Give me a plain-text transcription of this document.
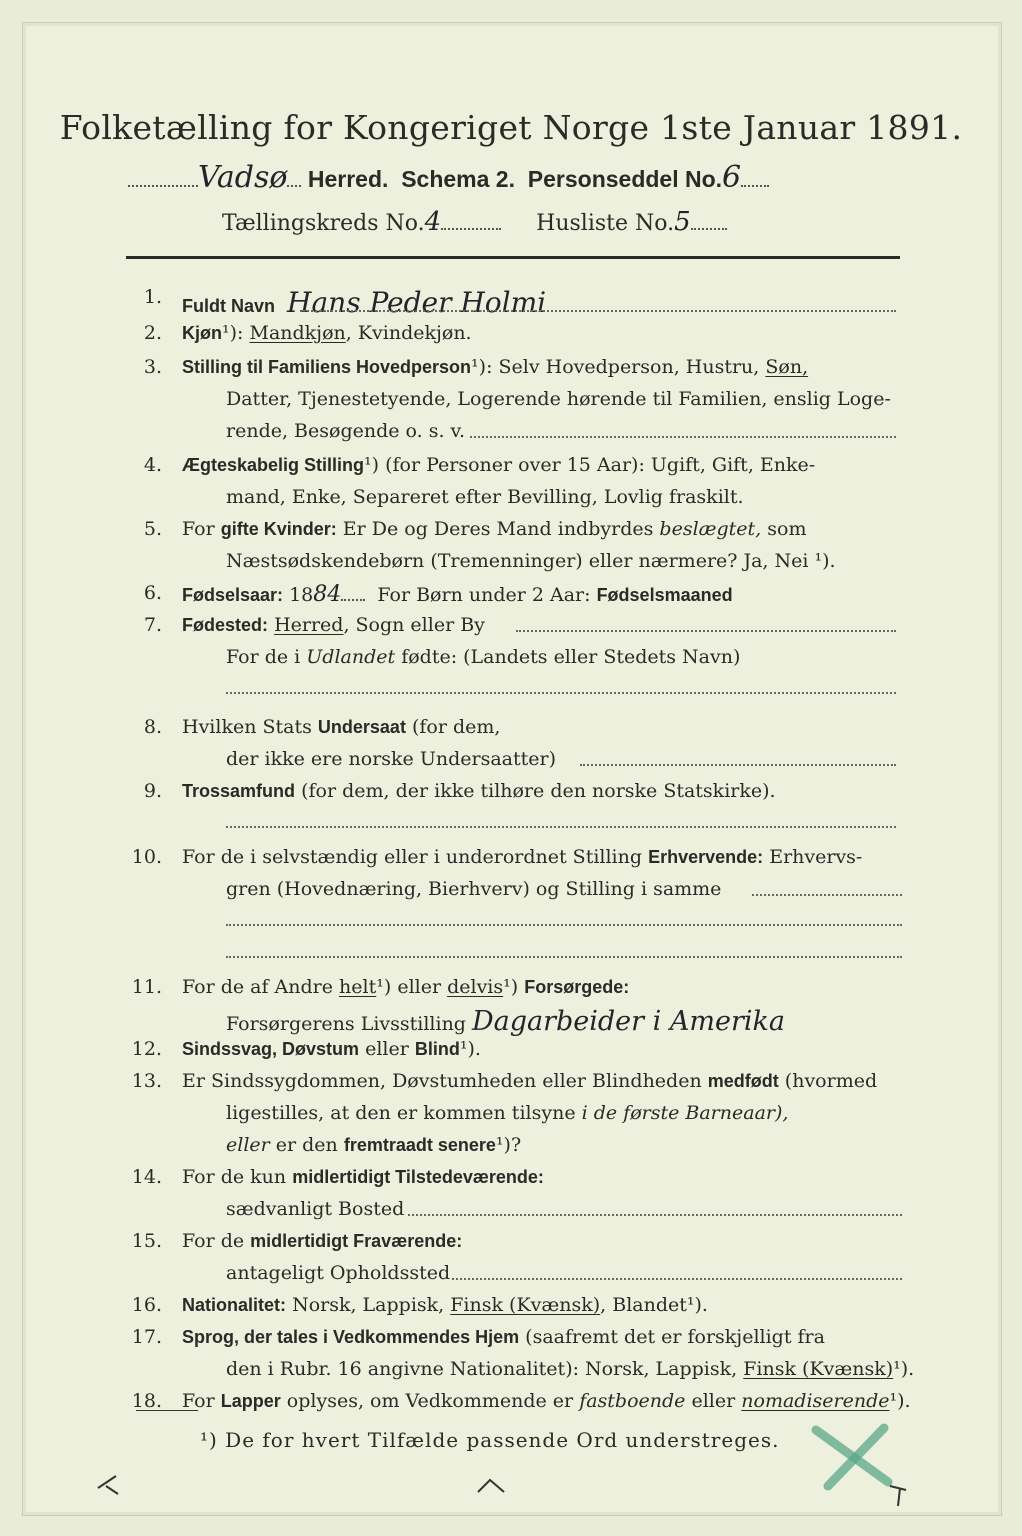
Folketælling for Kongeriget Norge 1ste Januar 1891.
Vadsø Herred. Schema 2. Personseddel No.6
Tællingskreds No.4	Husliste No.5
1. Fuldt Navn Hans Peder Holmi
2. Kjøn¹): Mandkjøn, Kvindekjøn.
3. Stilling til Familiens Hovedperson¹): Selv Hovedperson, Hustru, Søn,
Datter, Tjenestetyende, Logerende hørende til Familien, enslig Loge-
rende, Besøgende o. s. v.
4. Ægteskabelig Stilling¹) (for Personer over 15 Aar): Ugift, Gift, Enke-
mand, Enke, Separeret efter Bevilling, Lovlig fraskilt.
5. For gifte Kvinder: Er De og Deres Mand indbyrdes beslægtet, som
Næstsødskendebørn (Tremenninger) eller nærmere? Ja, Nei ¹).
6. Fødselsaar: 1884 For Børn under 2 Aar: Fødselsmaaned
7. Fødested: Herred, Sogn eller By
For de i Udlandet fødte: (Landets eller Stedets Navn)
8. Hvilken Stats Undersaat (for dem,
der ikke ere norske Undersaatter)
9. Trossamfund (for dem, der ikke tilhøre den norske Statskirke).
10. For de i selvstændig eller i underordnet Stilling Erhvervende: Erhvervs-
gren (Hovednæring, Bierhverv) og Stilling i samme
11. For de af Andre helt¹) eller delvis¹) Forsørgede:
Forsørgerens Livsstilling Dagarbeider i Amerika
12. Sindssvag, Døvstum eller Blind¹).
13. Er Sindssygdommen, Døvstumheden eller Blindheden medfødt (hvormed
ligestilles, at den er kommen tilsyne i de første Barneaar),
eller er den fremtraadt senere¹)?
14. For de kun midlertidigt Tilstedeværende:
sædvanligt Bosted
15. For de midlertidigt Fraværende:
antageligt Opholdssted
16. Nationalitet: Norsk, Lappisk, Finsk (Kvænsk), Blandet¹).
17. Sprog, der tales i Vedkommendes Hjem (saafremt det er forskjelligt fra
den i Rubr. 16 angivne Nationalitet): Norsk, Lappisk, Finsk (Kvænsk)¹).
18. For Lapper oplyses, om Vedkommende er fastboende eller nomadiserende¹).
¹) De for hvert Tilfælde passende Ord understreges.
